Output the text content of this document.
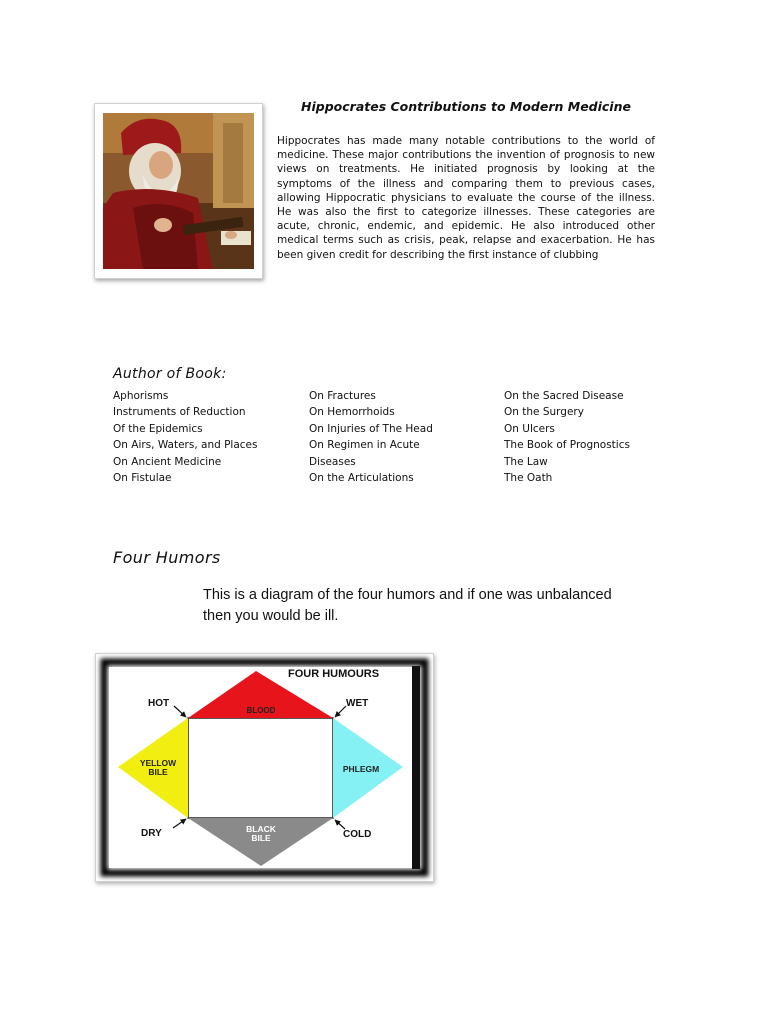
Hippocrates Contributions to Modern Medicine
Hippocrates has made many notable contributions to the world of medicine. These major contributions the invention of prognosis to new views on treatments. He initiated prognosis by looking at the symptoms of the illness and comparing them to previous cases, allowing Hippocratic physicians to evaluate the course of the illness. He was also the first to categorize illnesses. These categories are acute, chronic, endemic, and epidemic. He also introduced other medical terms such as crisis, peak, relapse and exacerbation. He has been given credit for describing the first instance of clubbing
Author of Book:
Aphorisms
Instruments of Reduction
Of the Epidemics
On Airs, Waters, and Places
On Ancient Medicine
On Fistulae
On Fractures
On Hemorrhoids
On Injuries of The Head
On Regimen in Acute
Diseases
On the Articulations
On the Sacred Disease
On the Surgery
On Ulcers
The Book of Prognostics
The Law
The Oath
Four Humors
This is a diagram of the four humors and if one was unbalanced then you would be ill.
FOUR HUMOURS
BLOOD
PHLEGM
YELLOW
BILE
BLACK
BILE
HOT	WET
DRY	COLD
